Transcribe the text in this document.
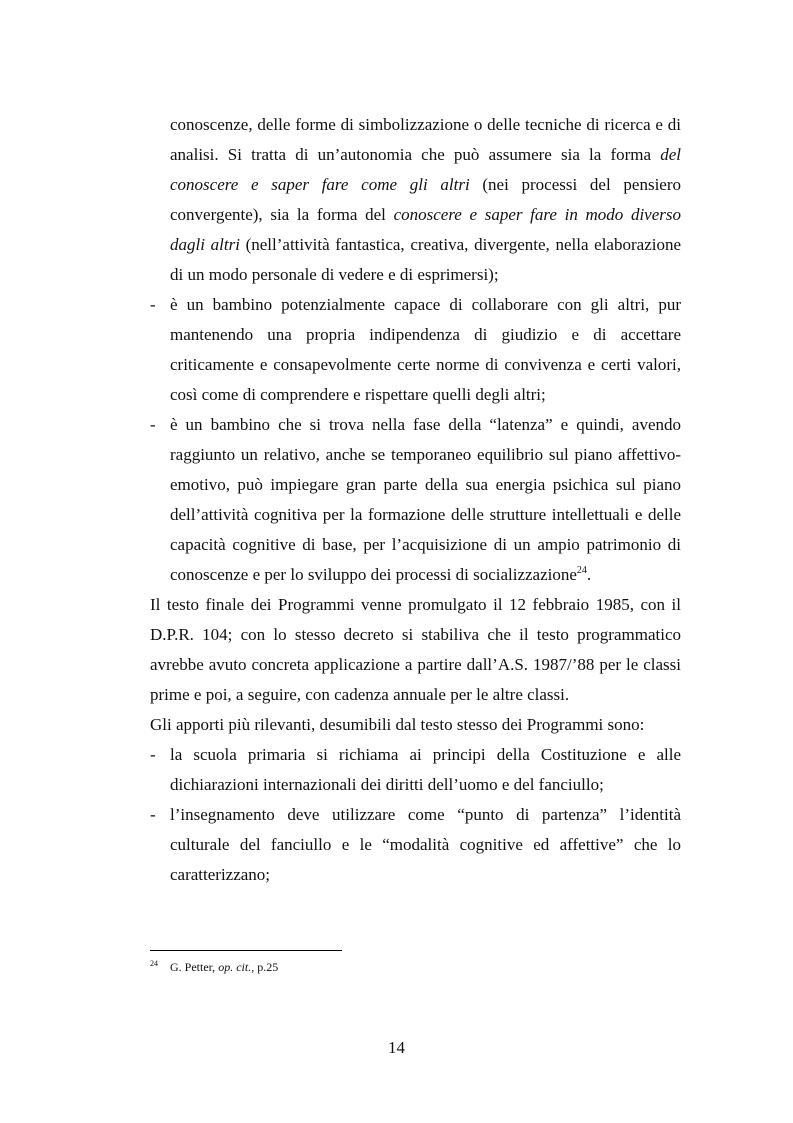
conoscenze, delle forme di simbolizzazione o delle tecniche di ricerca e di analisi. Si tratta di un’autonomia che può assumere sia la forma del conoscere e saper fare come gli altri (nei processi del pensiero convergente), sia la forma del conoscere e saper fare in modo diverso dagli altri (nell’attività fantastica, creativa, divergente, nella elaborazione di un modo personale di vedere e di esprimersi);
- è un bambino potenzialmente capace di collaborare con gli altri, pur mantenendo una propria indipendenza di giudizio e di accettare criticamente e consapevolmente certe norme di convivenza e certi valori, così come di comprendere e rispettare quelli degli altri;
- è un bambino che si trova nella fase della “latenza” e quindi, avendo raggiunto un relativo, anche se temporaneo equilibrio sul piano affettivo-emotivo, può impiegare gran parte della sua energia psichica sul piano dell’attività cognitiva per la formazione delle strutture intellettuali e delle capacità cognitive di base, per l’acquisizione di un ampio patrimonio di conoscenze e per lo sviluppo dei processi di socializzazione$^{24}$.
Il testo finale dei Programmi venne promulgato il 12 febbraio 1985, con il D.P.R. 104; con lo stesso decreto si stabiliva che il testo programmatico avrebbe avuto concreta applicazione a partire dall’A.S. 1987/’88 per le classi prime e poi, a seguire, con cadenza annuale per le altre classi.
Gli apporti più rilevanti, desumibili dal testo stesso dei Programmi sono:
- la scuola primaria si richiama ai principi della Costituzione e alle dichiarazioni internazionali dei diritti dell’uomo e del fanciullo;
- l’insegnamento deve utilizzare come “punto di partenza” l’identità culturale del fanciullo e le “modalità cognitive ed affettive” che lo caratterizzano;
$^{24}$ G. Petter, op. cit., p.25
14
